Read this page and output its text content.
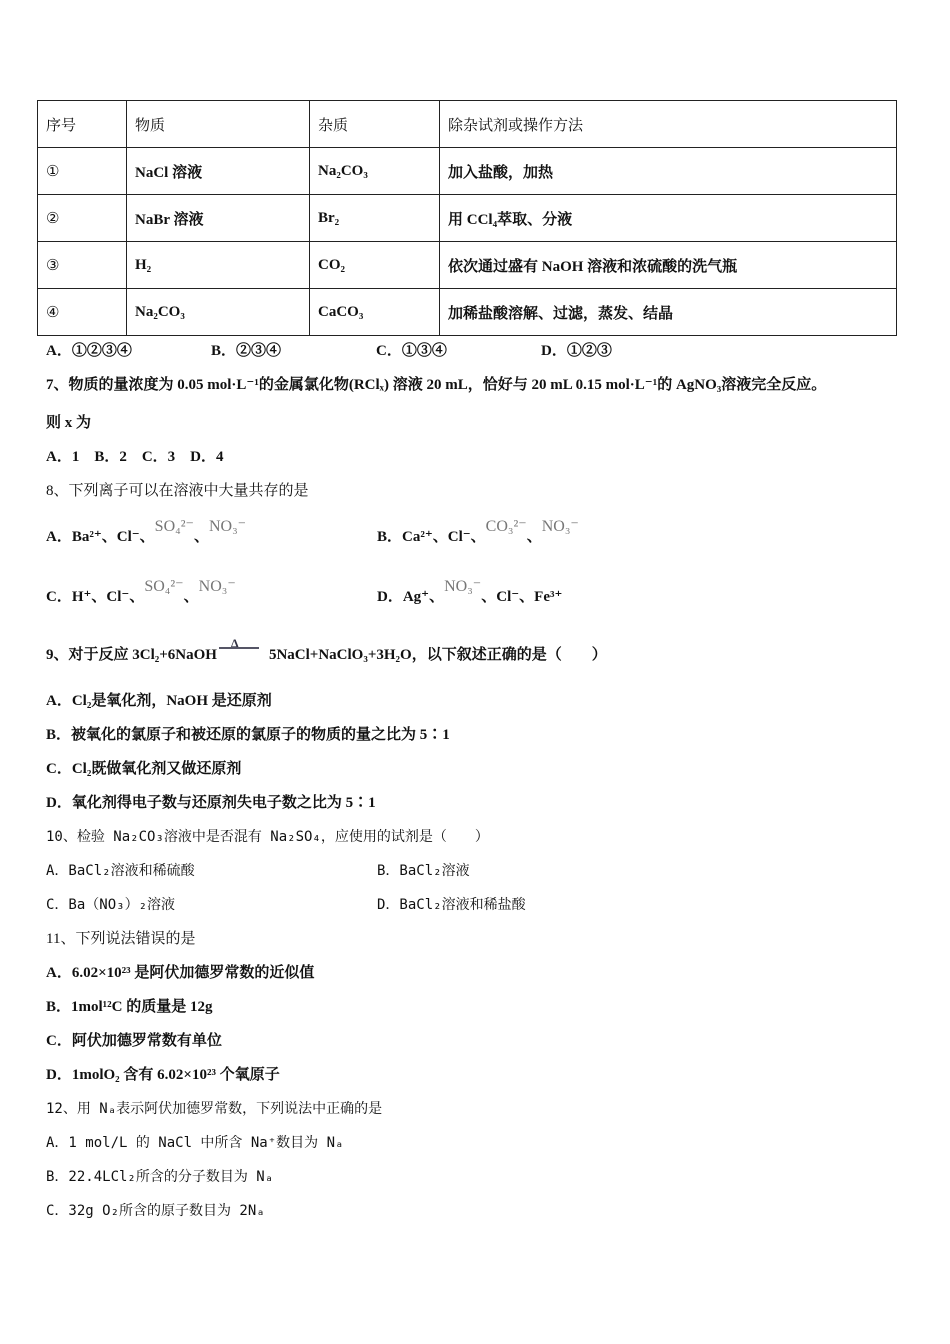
序号	物质	杂质	除杂试剂或操作方法
①	NaCl 溶液	Na₂CO₃	加入盐酸，加热
②	NaBr 溶液	Br₂	用 CCl₄萃取、分液
③	H₂	CO₂	依次通过盛有 NaOH 溶液和浓硫酸的洗气瓶
④	Na₂CO₃	CaCO₃	加稀盐酸溶解、过滤，蒸发、结晶
A．①②③④	B．②③④	C．①③④	D．①②③
7、物质的量浓度为 0.05 mol·L⁻¹的金属氯化物(RClₓ) 溶液 20 mL，恰好与 20 mL 0.15 mol·L⁻¹的 AgNO₃溶液完全反应。
则 x 为
A．1　B．2　C．3　D．4
8、下列离子可以在溶液中大量共存的是
A．Ba²⁺、Cl⁻、SO₄²⁻、NO₃⁻
B．Ca²⁺、Cl⁻、CO₃²⁻、NO₃⁻
C．H⁺、Cl⁻、SO₄²⁻、NO₃⁻
D．Ag⁺、NO₃⁻、Cl⁻、Fe³⁺
9、对于反应 3Cl₂+6NaOH
Δ
5NaCl+NaClO₃+3H₂O，以下叙述正确的是（　　）
A．Cl₂是氧化剂，NaOH 是还原剂
B．被氧化的氯原子和被还原的氯原子的物质的量之比为 5∶1
C．Cl₂既做氧化剂又做还原剂
D．氧化剂得电子数与还原剂失电子数之比为 5∶1
10、检验 Na₂CO₃溶液中是否混有 Na₂SO₄，应使用的试剂是（　　）
A．BaCl₂溶液和稀硫酸	B．BaCl₂溶液
C．Ba（NO₃）₂溶液	D．BaCl₂溶液和稀盐酸
11、下列说法错误的是
A．6.02×10²³ 是阿伏加德罗常数的近似值
B．1mol¹²C 的质量是 12g
C．阿伏加德罗常数有单位
D．1molO₂ 含有 6.02×10²³ 个氧原子
12、用 Nₐ表示阿伏加德罗常数，下列说法中正确的是
A．1 mol/L 的 NaCl 中所含 Na⁺数目为 Nₐ
B．22.4LCl₂所含的分子数目为 Nₐ
C．32g O₂所含的原子数目为 2Nₐ
